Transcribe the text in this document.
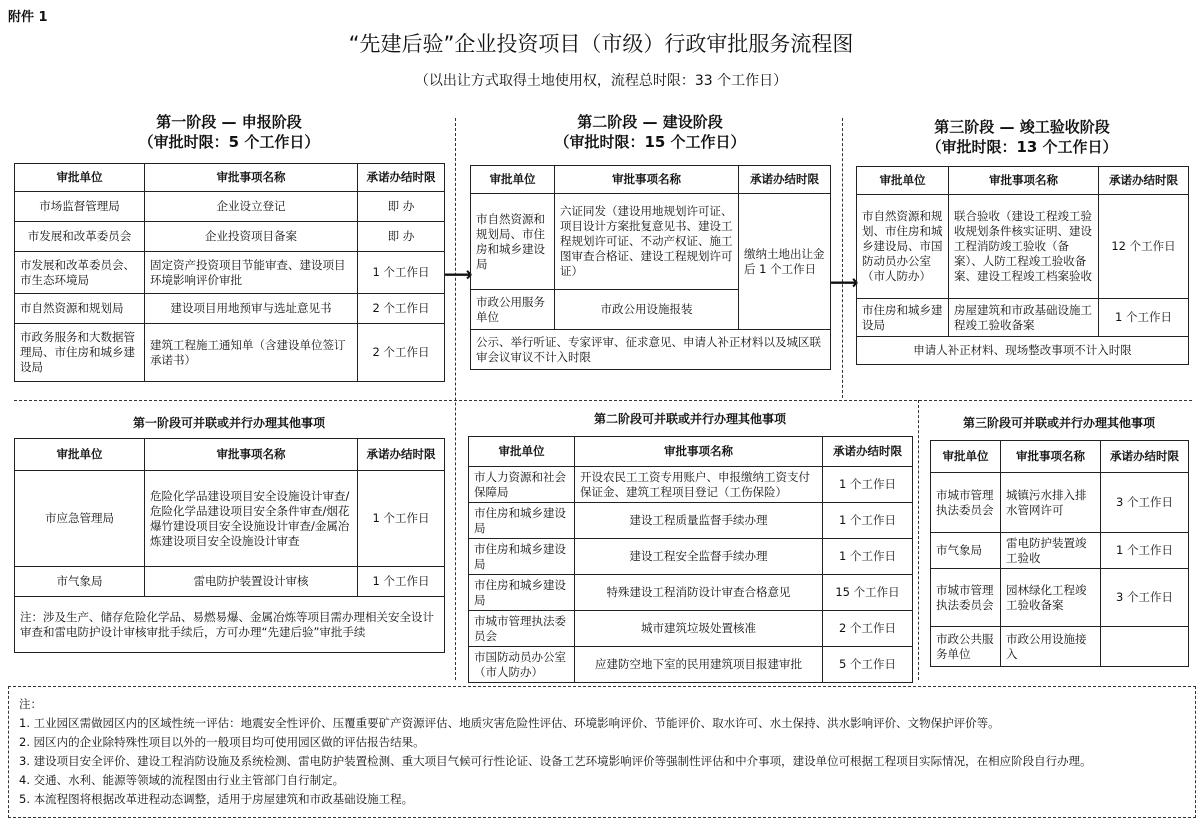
附件 1
“先建后验”企业投资项目（市级）行政审批服务流程图
（以出让方式取得土地使用权，流程总时限：33 个工作日）
第一阶段 — 申报阶段
（审批时限：5 个工作日）
审批单位	审批事项名称	承诺办结时限
市场监督管理局	企业设立登记	即 办
市发展和改革委员会	企业投资项目备案	即 办
市发展和改革委员会、市生态环境局	固定资产投资项目节能审查、建设项目环境影响评价审批	1 个工作日
市自然资源和规划局	建设项目用地预审与选址意见书	2 个工作日
市政务服务和大数据管理局、市住房和城乡建设局	建筑工程施工通知单（含建设单位签订承诺书）	2 个工作日
⟶
第二阶段 — 建设阶段
（审批时限：15 个工作日）
审批单位	审批事项名称	承诺办结时限
市自然资源和规划局、市住房和城乡建设局	六证同发（建设用地规划许可证、项目设计方案批复意见书、建设工程规划许可证、不动产权证、施工图审查合格证、建设工程规划许可证）	缴纳土地出让金后 1 个工作日
市政公用服务单位	市政公用设施报装	
公示、举行听证、专家评审、征求意见、申请人补正材料以及城区联审会议审议不计入时限		
⟶
第三阶段 — 竣工验收阶段
（审批时限：13 个工作日）
审批单位	审批事项名称	承诺办结时限
市自然资源和规划、市住房和城乡建设局、市国防动员办公室（市人防办）	联合验收（建设工程竣工验收规划条件核实证明、建设工程消防竣工验收（备案）、人防工程竣工验收备案、建设工程竣工档案验收	12 个工作日
市住房和城乡建设局	房屋建筑和市政基础设施工程竣工验收备案	1 个工作日
申请人补正材料、现场整改事项不计入时限		
第一阶段可并联或并行办理其他事项
审批单位	审批事项名称	承诺办结时限
市应急管理局	危险化学品建设项目安全设施设计审查/危险化学品建设项目安全条件审查/烟花爆竹建设项目安全设施设计审查/金属冶炼建设项目安全设施设计审查	1 个工作日
市气象局	雷电防护装置设计审核	1 个工作日
注：涉及生产、储存危险化学品、易燃易爆、金属冶炼等项目需办理相关安全设计审查和雷电防护设计审核审批手续后，方可办理“先建后验”审批手续		
第二阶段可并联或并行办理其他事项
审批单位	审批事项名称	承诺办结时限
市人力资源和社会保障局	开设农民工工资专用账户、申报缴纳工资支付保证金、建筑工程项目登记（工伤保险）	1 个工作日
市住房和城乡建设局	建设工程质量监督手续办理	1 个工作日
市住房和城乡建设局	建设工程安全监督手续办理	1 个工作日
市住房和城乡建设局	特殊建设工程消防设计审查合格意见	15 个工作日
市城市管理执法委员会	城市建筑垃圾处置核准	2 个工作日
市国防动员办公室（市人防办）	应建防空地下室的民用建筑项目报建审批	5 个工作日
第三阶段可并联或并行办理其他事项
审批单位	审批事项名称	承诺办结时限
市城市管理执法委员会	城镇污水排入排水管网许可	3 个工作日
市气象局	雷电防护装置竣工验收	1 个工作日
市城市管理执法委员会	园林绿化工程竣工验收备案	3 个工作日
市政公共服务单位	市政公用设施接入	
注：
1. 工业园区需做园区内的区域性统一评估：地震安全性评价、压覆重要矿产资源评估、地质灾害危险性评估、环境影响评价、节能评价、取水许可、水土保持、洪水影响评价、文物保护评价等。
2. 园区内的企业除特殊性项目以外的一般项目均可使用园区做的评估报告结果。
3. 建设项目安全评价、建设工程消防设施及系统检测、雷电防护装置检测、重大项目气候可行性论证、设备工艺环境影响评价等强制性评估和中介事项，建设单位可根据工程项目实际情况，在相应阶段自行办理。
4. 交通、水利、能源等领域的流程图由行业主管部门自行制定。
5. 本流程图将根据改革进程动态调整，适用于房屋建筑和市政基础设施工程。
